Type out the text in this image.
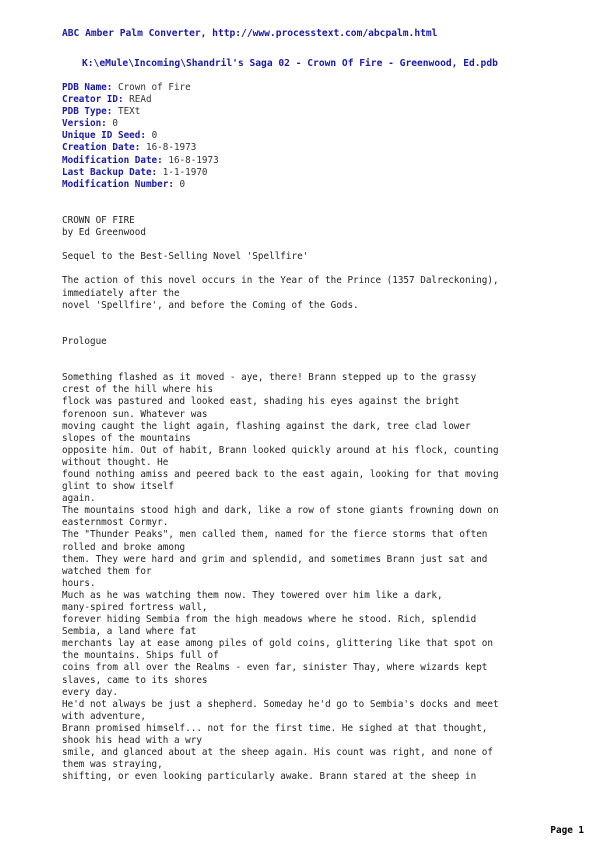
ABC Amber Palm Converter, http://www.processtext.com/abcpalm.html
K:\eMule\Incoming\Shandril's Saga 02 - Crown Of Fire - Greenwood, Ed.pdb
PDB Name: Crown of Fire
Creator ID: REAd
PDB Type: TEXt
Version: 0
Unique ID Seed: 0
Creation Date: 16-8-1973
Modification Date: 16-8-1973
Last Backup Date: 1-1-1970
Modification Number: 0
CROWN OF FIRE
by Ed Greenwood
Sequel to the Best-Selling Novel 'Spellfire'
The action of this novel occurs in the Year of the Prince (1357 Dalreckoning),
immediately after the
novel 'Spellfire', and before the Coming of the Gods.
Prologue
Something flashed as it moved - aye, there! Brann stepped up to the grassy
crest of the hill where his
flock was pastured and looked east, shading his eyes against the bright
forenoon sun. Whatever was
moving caught the light again, flashing against the dark, tree clad lower
slopes of the mountains
opposite him. Out of habit, Brann looked quickly around at his flock, counting
without thought. He
found nothing amiss and peered back to the east again, looking for that moving
glint to show itself
again.
The mountains stood high and dark, like a row of stone giants frowning down on
easternmost Cormyr.
The "Thunder Peaks", men called them, named for the fierce storms that often
rolled and broke among
them. They were hard and grim and splendid, and sometimes Brann just sat and
watched them for
hours.
Much as he was watching them now. They towered over him like a dark,
many-spired fortress wall,
forever hiding Sembia from the high meadows where he stood. Rich, splendid
Sembia, a land where fat
merchants lay at ease among piles of gold coins, glittering like that spot on
the mountains. Ships full of
coins from all over the Realms - even far, sinister Thay, where wizards kept
slaves, came to its shores
every day.
He'd not always be just a shepherd. Someday he'd go to Sembia's docks and meet
with adventure,
Brann promised himself... not for the first time. He sighed at that thought,
shook his head with a wry
smile, and glanced about at the sheep again. His count was right, and none of
them was straying,
shifting, or even looking particularly awake. Brann stared at the sheep in
Page 1
